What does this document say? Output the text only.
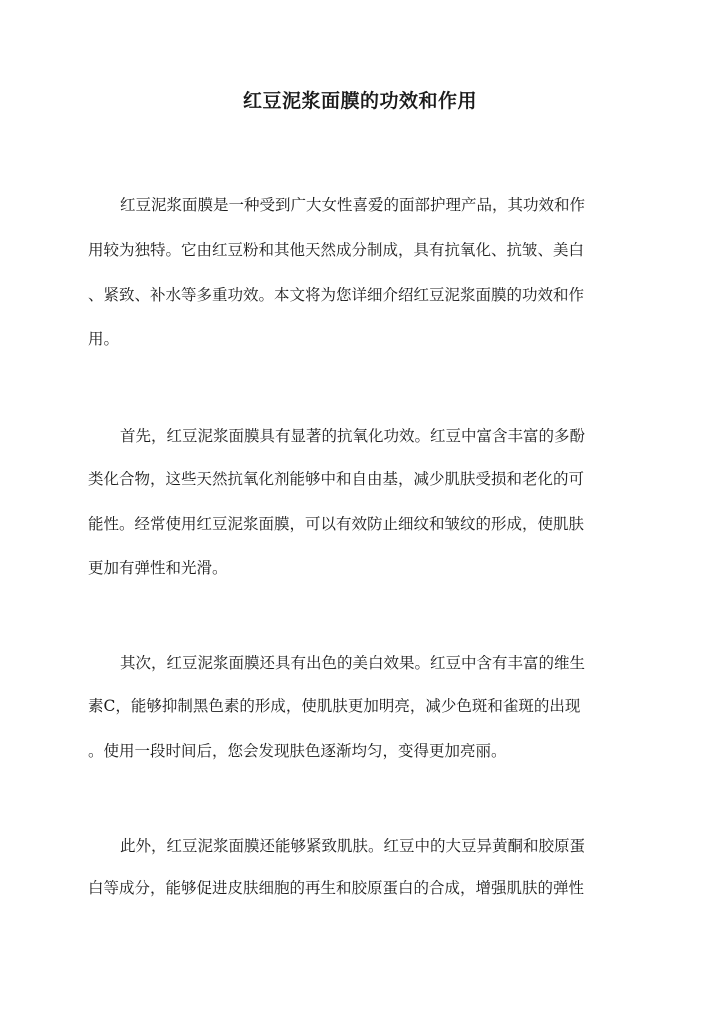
红豆泥浆面膜的功效和作用

红豆泥浆面膜是一种受到广大女性喜爱的面部护理产品，其功效和作

用较为独特。它由红豆粉和其他天然成分制成，具有抗氧化、抗皱、美白

、紧致、补水等多重功效。本文将为您详细介绍红豆泥浆面膜的功效和作

用。

首先，红豆泥浆面膜具有显著的抗氧化功效。红豆中富含丰富的多酚

类化合物，这些天然抗氧化剂能够中和自由基，减少肌肤受损和老化的可

能性。经常使用红豆泥浆面膜，可以有效防止细纹和皱纹的形成，使肌肤

更加有弹性和光滑。

其次，红豆泥浆面膜还具有出色的美白效果。红豆中含有丰富的维生

素C，能够抑制黑色素的形成，使肌肤更加明亮，减少色斑和雀斑的出现

。使用一段时间后，您会发现肤色逐渐均匀，变得更加亮丽。

此外，红豆泥浆面膜还能够紧致肌肤。红豆中的大豆异黄酮和胶原蛋

白等成分，能够促进皮肤细胞的再生和胶原蛋白的合成，增强肌肤的弹性
